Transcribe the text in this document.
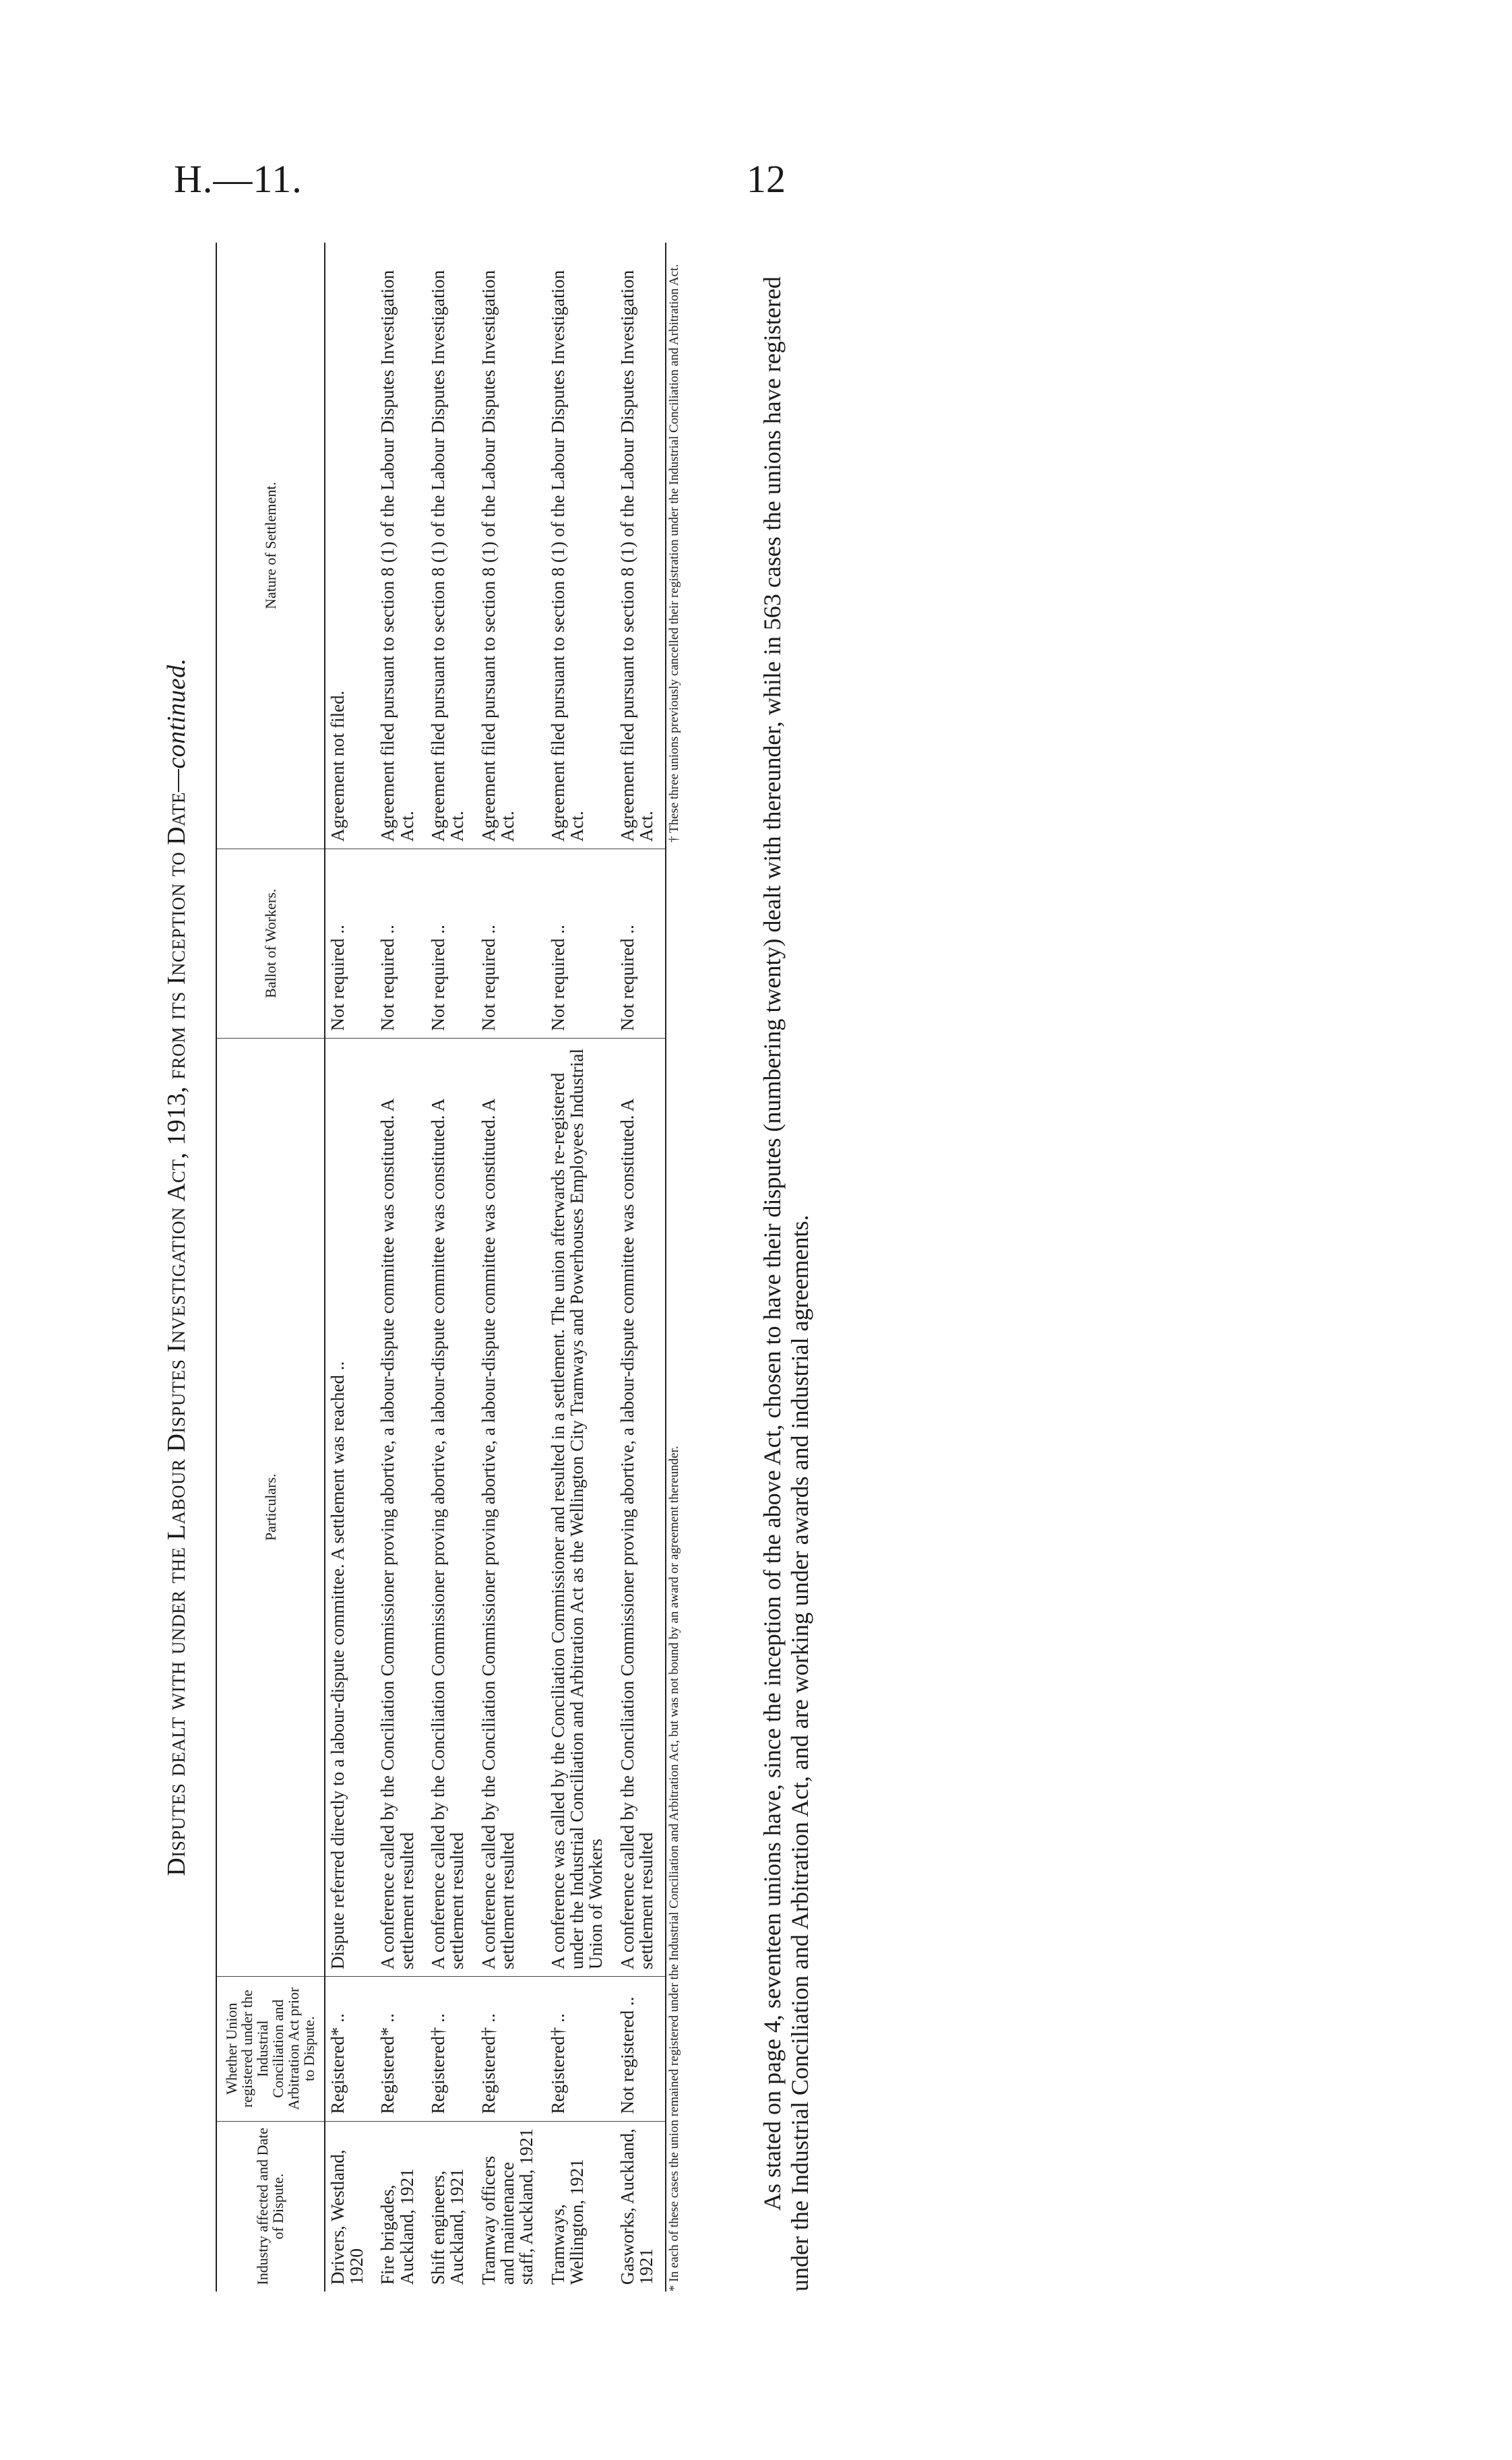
H.—11.	12
Disputes dealt with under the Labour Disputes Investigation Act, 1913, from its Inception to Date—continued.
Industry affected and Date of Dispute.	Whether Union registered under the Industrial Conciliation and Arbitration Act prior to Dispute.	Particulars.	Ballot of Workers.	Nature of Settlement.
Drivers, Westland, 1920	Registered* ..	Dispute referred directly to a labour-dispute committee. A settlement was reached ..	Not required ..	Agreement not filed.
Fire brigades, Auckland, 1921	Registered* ..	A conference called by the Conciliation Commissioner proving abortive, a labour-dispute committee was constituted. A settlement resulted	Not required ..	Agreement filed pursuant to section 8 (1) of the Labour Disputes Investigation Act.
Shift engineers, Auckland, 1921	Registered† ..	A conference called by the Conciliation Commissioner proving abortive, a labour-dispute committee was constituted. A settlement resulted	Not required ..	Agreement filed pursuant to section 8 (1) of the Labour Disputes Investigation Act.
Tramway officers and maintenance staff, Auckland, 1921	Registered† ..	A conference called by the Conciliation Commissioner proving abortive, a labour-dispute committee was constituted. A settlement resulted	Not required ..	Agreement filed pursuant to section 8 (1) of the Labour Disputes Investigation Act.
Tramways, Wellington, 1921	Registered† ..	A conference was called by the Conciliation Commissioner and resulted in a settlement. The union afterwards re-registered under the Industrial Conciliation and Arbitration Act as the Wellington City Tramways and Powerhouses Employees Industrial Union of Workers	Not required ..	Agreement filed pursuant to section 8 (1) of the Labour Disputes Investigation Act.
Gasworks, Auckland, 1921	Not registered ..	A conference called by the Conciliation Commissioner proving abortive, a labour-dispute committee was constituted. A settlement resulted	Not required ..	Agreement filed pursuant to section 8 (1) of the Labour Disputes Investigation Act.
* In each of these cases the union remained registered under the Industrial Conciliation and Arbitration Act, but was not bound by an award or agreement thereunder.
† These three unions previously cancelled their registration under the Industrial Conciliation and Arbitration Act.	As stated on page 4, seventeen unions have, since the inception of the above Act, chosen to have their disputes (numbering twenty) dealt with thereunder, while in 563 cases the unions have registered under the Industrial Conciliation and Arbitration Act, and are working under awards and industrial agreements.
